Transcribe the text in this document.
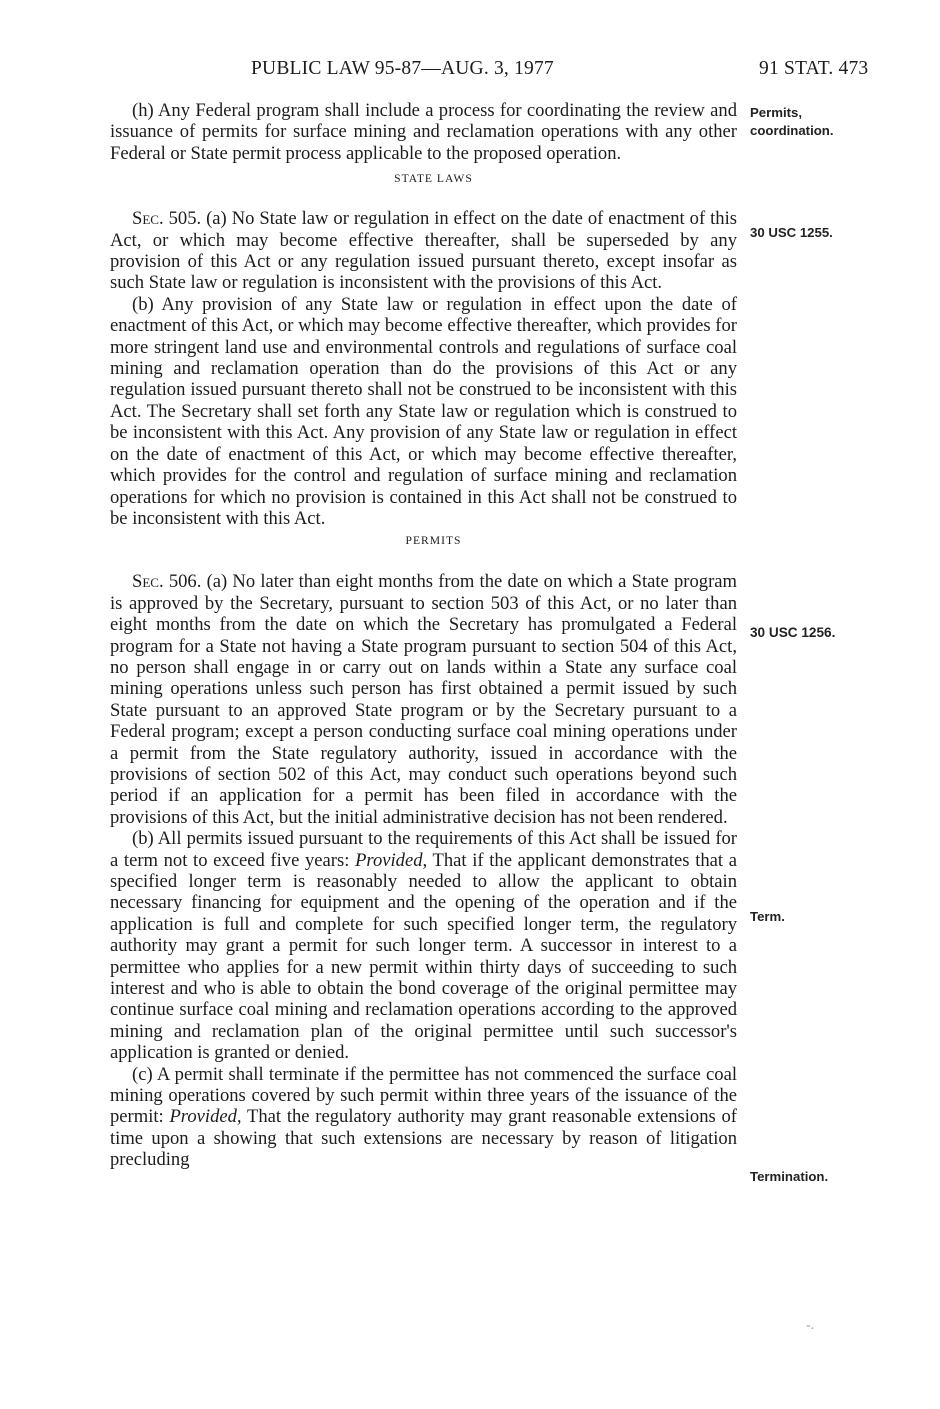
PUBLIC LAW 95-87—AUG. 3, 1977	91 STAT. 473
Permits, coordination.
30 USC 1255.
30 USC 1256.
Term.
Termination.

(h) Any Federal program shall include a process for coordinating the review and issuance of permits for surface mining and reclamation operations with any other Federal or State permit process applicable to the proposed operation.

STATE LAWS

Sec. 505. (a) No State law or regulation in effect on the date of enactment of this Act, or which may become effective thereafter, shall be superseded by any provision of this Act or any regulation issued pursuant thereto, except insofar as such State law or regulation is inconsistent with the provisions of this Act.

(b) Any provision of any State law or regulation in effect upon the date of enactment of this Act, or which may become effective thereafter, which provides for more stringent land use and environmental controls and regulations of surface coal mining and reclamation operation than do the provisions of this Act or any regulation issued pursuant thereto shall not be construed to be inconsistent with this Act. The Secretary shall set forth any State law or regulation which is construed to be inconsistent with this Act. Any provision of any State law or regulation in effect on the date of enactment of this Act, or which may become effective thereafter, which provides for the control and regulation of surface mining and reclamation operations for which no provision is contained in this Act shall not be construed to be inconsistent with this Act.

PERMITS

Sec. 506. (a) No later than eight months from the date on which a State program is approved by the Secretary, pursuant to section 503 of this Act, or no later than eight months from the date on which the Secretary has promulgated a Federal program for a State not having a State program pursuant to section 504 of this Act, no person shall engage in or carry out on lands within a State any surface coal mining operations unless such person has first obtained a permit issued by such State pursuant to an approved State program or by the Secretary pursuant to a Federal program; except a person conducting surface coal mining operations under a permit from the State regulatory authority, issued in accordance with the provisions of section 502 of this Act, may conduct such operations beyond such period if an application for a permit has been filed in accordance with the provisions of this Act, but the initial administrative decision has not been rendered.

(b) All permits issued pursuant to the requirements of this Act shall be issued for a term not to exceed five years: Provided, That if the applicant demonstrates that a specified longer term is reasonably needed to allow the applicant to obtain necessary financing for equipment and the opening of the operation and if the application is full and complete for such specified longer term, the regulatory authority may grant a permit for such longer term. A successor in interest to a permittee who applies for a new permit within thirty days of succeeding to such interest and who is able to obtain the bond coverage of the original permittee may continue surface coal mining and reclamation operations according to the approved mining and reclamation plan of the original permittee until such successor's application is granted or denied.

(c) A permit shall terminate if the permittee has not commenced the surface coal mining operations covered by such permit within three years of the issuance of the permit: Provided, That the regulatory authority may grant reasonable extensions of time upon a showing that such extensions are necessary by reason of litigation precluding

-.
